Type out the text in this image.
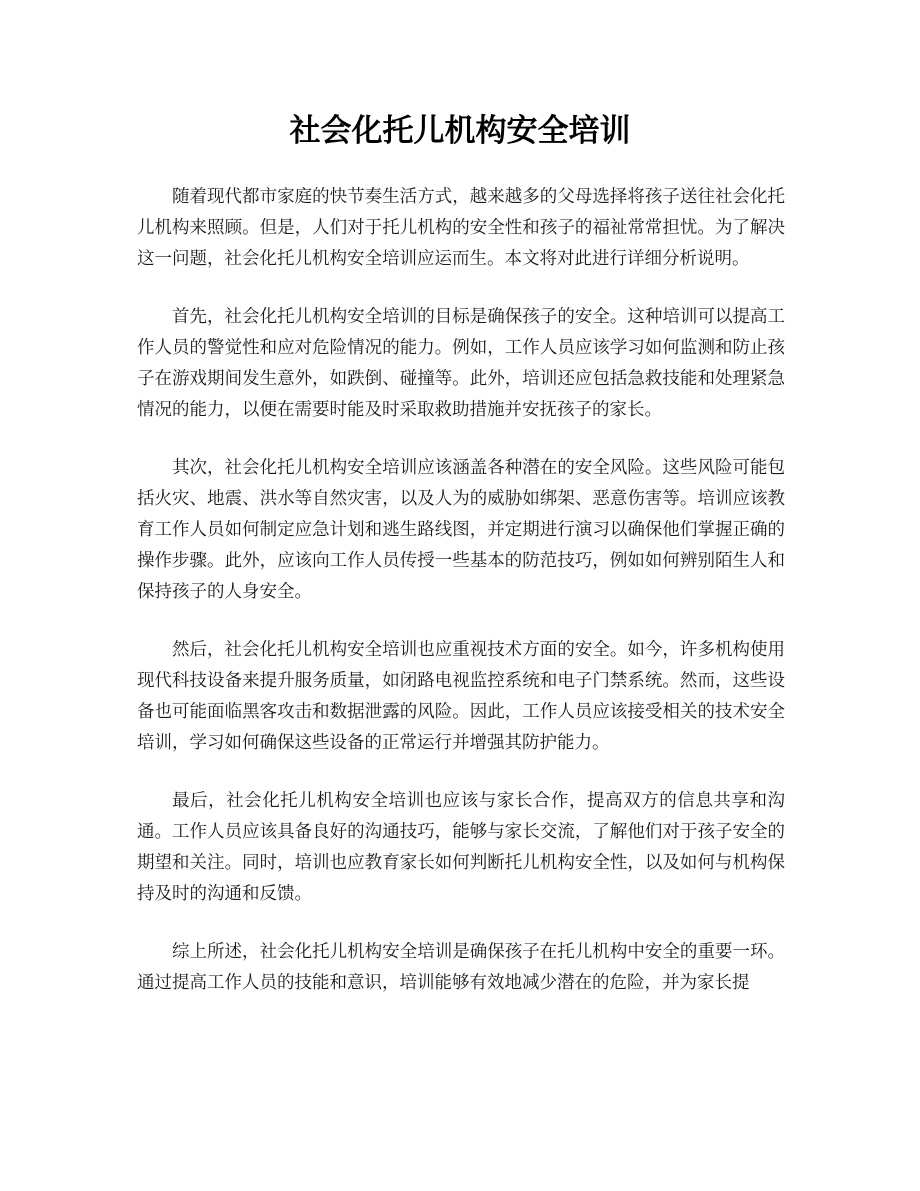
社会化托儿机构安全培训

随着现代都市家庭的快节奏生活方式，越来越多的父母选择将孩子送往社会化托儿机构来照顾。但是，人们对于托儿机构的安全性和孩子的福祉常常担忧。为了解决这一问题，社会化托儿机构安全培训应运而生。本文将对此进行详细分析说明。

首先，社会化托儿机构安全培训的目标是确保孩子的安全。这种培训可以提高工作人员的警觉性和应对危险情况的能力。例如，工作人员应该学习如何监测和防止孩子在游戏期间发生意外，如跌倒、碰撞等。此外，培训还应包括急救技能和处理紧急情况的能力，以便在需要时能及时采取救助措施并安抚孩子的家长。

其次，社会化托儿机构安全培训应该涵盖各种潜在的安全风险。这些风险可能包括火灾、地震、洪水等自然灾害，以及人为的威胁如绑架、恶意伤害等。培训应该教育工作人员如何制定应急计划和逃生路线图，并定期进行演习以确保他们掌握正确的操作步骤。此外，应该向工作人员传授一些基本的防范技巧，例如如何辨别陌生人和保持孩子的人身安全。

然后，社会化托儿机构安全培训也应重视技术方面的安全。如今，许多机构使用现代科技设备来提升服务质量，如闭路电视监控系统和电子门禁系统。然而，这些设备也可能面临黑客攻击和数据泄露的风险。因此，工作人员应该接受相关的技术安全培训，学习如何确保这些设备的正常运行并增强其防护能力。

最后，社会化托儿机构安全培训也应该与家长合作，提高双方的信息共享和沟通。工作人员应该具备良好的沟通技巧，能够与家长交流，了解他们对于孩子安全的期望和关注。同时，培训也应教育家长如何判断托儿机构安全性，以及如何与机构保持及时的沟通和反馈。

综上所述，社会化托儿机构安全培训是确保孩子在托儿机构中安全的重要一环。通过提高工作人员的技能和意识，培训能够有效地减少潜在的危险，并为家长提
